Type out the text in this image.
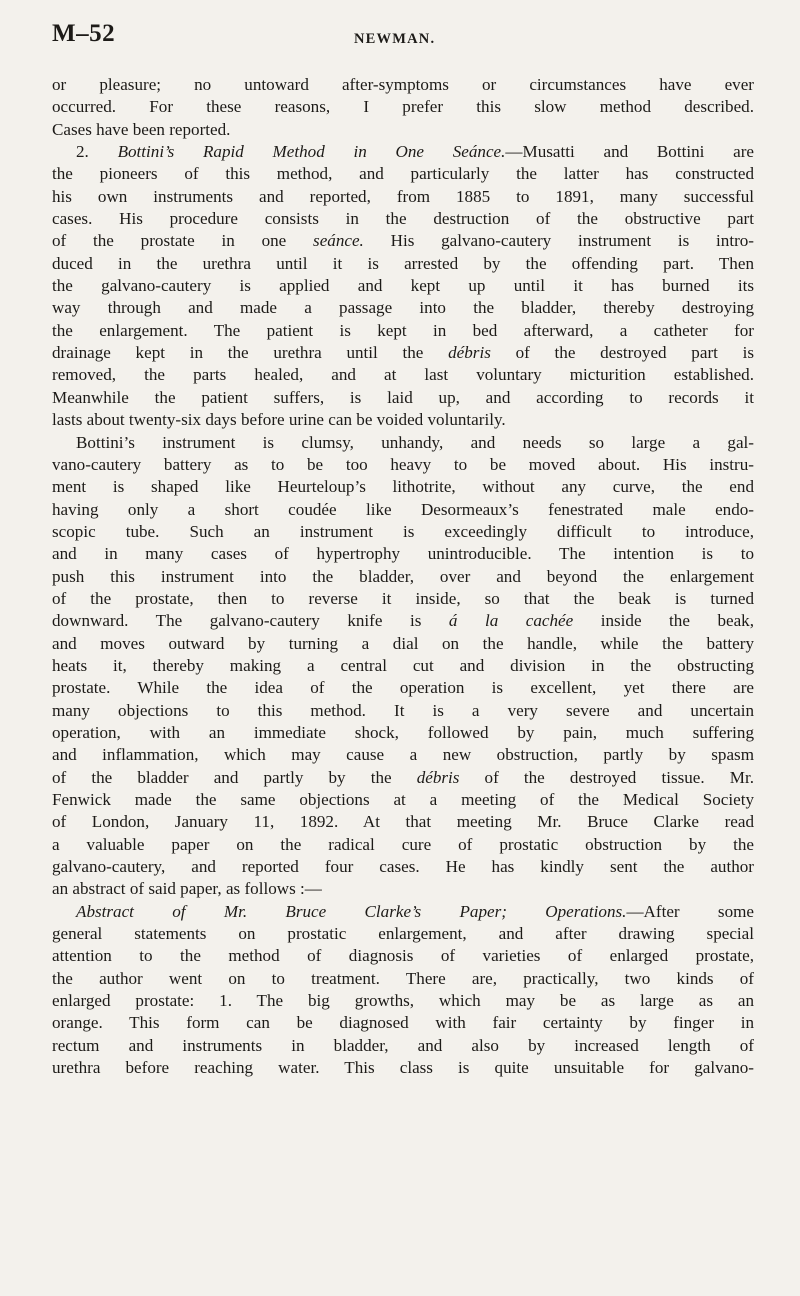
M–52	NEWMAN.
or pleasure; no untoward after-symptoms or circumstances have ever
occurred. For these reasons, I prefer this slow method described.
Cases have been reported.
2. Bottini’s Rapid Method in One Seánce.—Musatti and Bottini are
the pioneers of this method, and particularly the latter has constructed
his own instruments and reported, from 1885 to 1891, many successful
cases. His procedure consists in the destruction of the obstructive part
of the prostate in one seánce. His galvano-cautery instrument is intro-
duced in the urethra until it is arrested by the offending part. Then
the galvano-cautery is applied and kept up until it has burned its
way through and made a passage into the bladder, thereby destroying
the enlargement. The patient is kept in bed afterward, a catheter for
drainage kept in the urethra until the débris of the destroyed part is
removed, the parts healed, and at last voluntary micturition established.
Meanwhile the patient suffers, is laid up, and according to records it
lasts about twenty-six days before urine can be voided voluntarily.
Bottini’s instrument is clumsy, unhandy, and needs so large a gal-
vano-cautery battery as to be too heavy to be moved about. His instru-
ment is shaped like Heurteloup’s lithotrite, without any curve, the end
having only a short coudée like Desormeaux’s fenestrated male endo-
scopic tube. Such an instrument is exceedingly difficult to introduce,
and in many cases of hypertrophy unintroducible. The intention is to
push this instrument into the bladder, over and beyond the enlargement
of the prostate, then to reverse it inside, so that the beak is turned
downward. The galvano-cautery knife is á la cachée inside the beak,
and moves outward by turning a dial on the handle, while the battery
heats it, thereby making a central cut and division in the obstructing
prostate. While the idea of the operation is excellent, yet there are
many objections to this method. It is a very severe and uncertain
operation, with an immediate shock, followed by pain, much suffering
and inflammation, which may cause a new obstruction, partly by spasm
of the bladder and partly by the débris of the destroyed tissue. Mr.
Fenwick made the same objections at a meeting of the Medical Society
of London, January 11, 1892. At that meeting Mr. Bruce Clarke read
a valuable paper on the radical cure of prostatic obstruction by the
galvano-cautery, and reported four cases. He has kindly sent the author
an abstract of said paper, as follows :—
Abstract of Mr. Bruce Clarke’s Paper; Operations.—After some
general statements on prostatic enlargement, and after drawing special
attention to the method of diagnosis of varieties of enlarged prostate,
the author went on to treatment. There are, practically, two kinds of
enlarged prostate: 1. The big growths, which may be as large as an
orange. This form can be diagnosed with fair certainty by finger in
rectum and instruments in bladder, and also by increased length of
urethra before reaching water. This class is quite unsuitable for galvano-
